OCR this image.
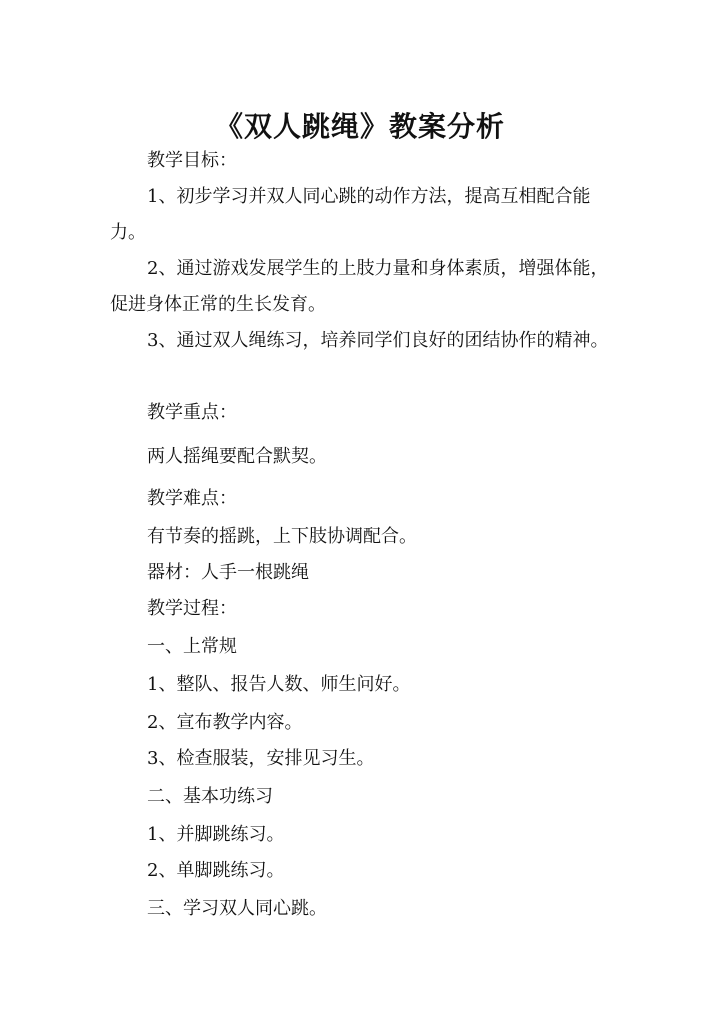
《双人跳绳》教案分析

教学目标：

1、初步学习并双人同心跳的动作方法，提高互相配合能力。

2、通过游戏发展学生的上肢力量和身体素质，增强体能，促进身体正常的生长发育。

3、通过双人绳练习，培养同学们良好的团结协作的精神。

教学重点：

两人摇绳要配合默契。

教学难点：

有节奏的摇跳，上下肢协调配合。

器材：人手一根跳绳

教学过程：

一、上常规

1、整队、报告人数、师生问好。

2、宣布教学内容。

3、检查服装，安排见习生。

二、基本功练习

1、并脚跳练习。

2、单脚跳练习。

三、学习双人同心跳。
